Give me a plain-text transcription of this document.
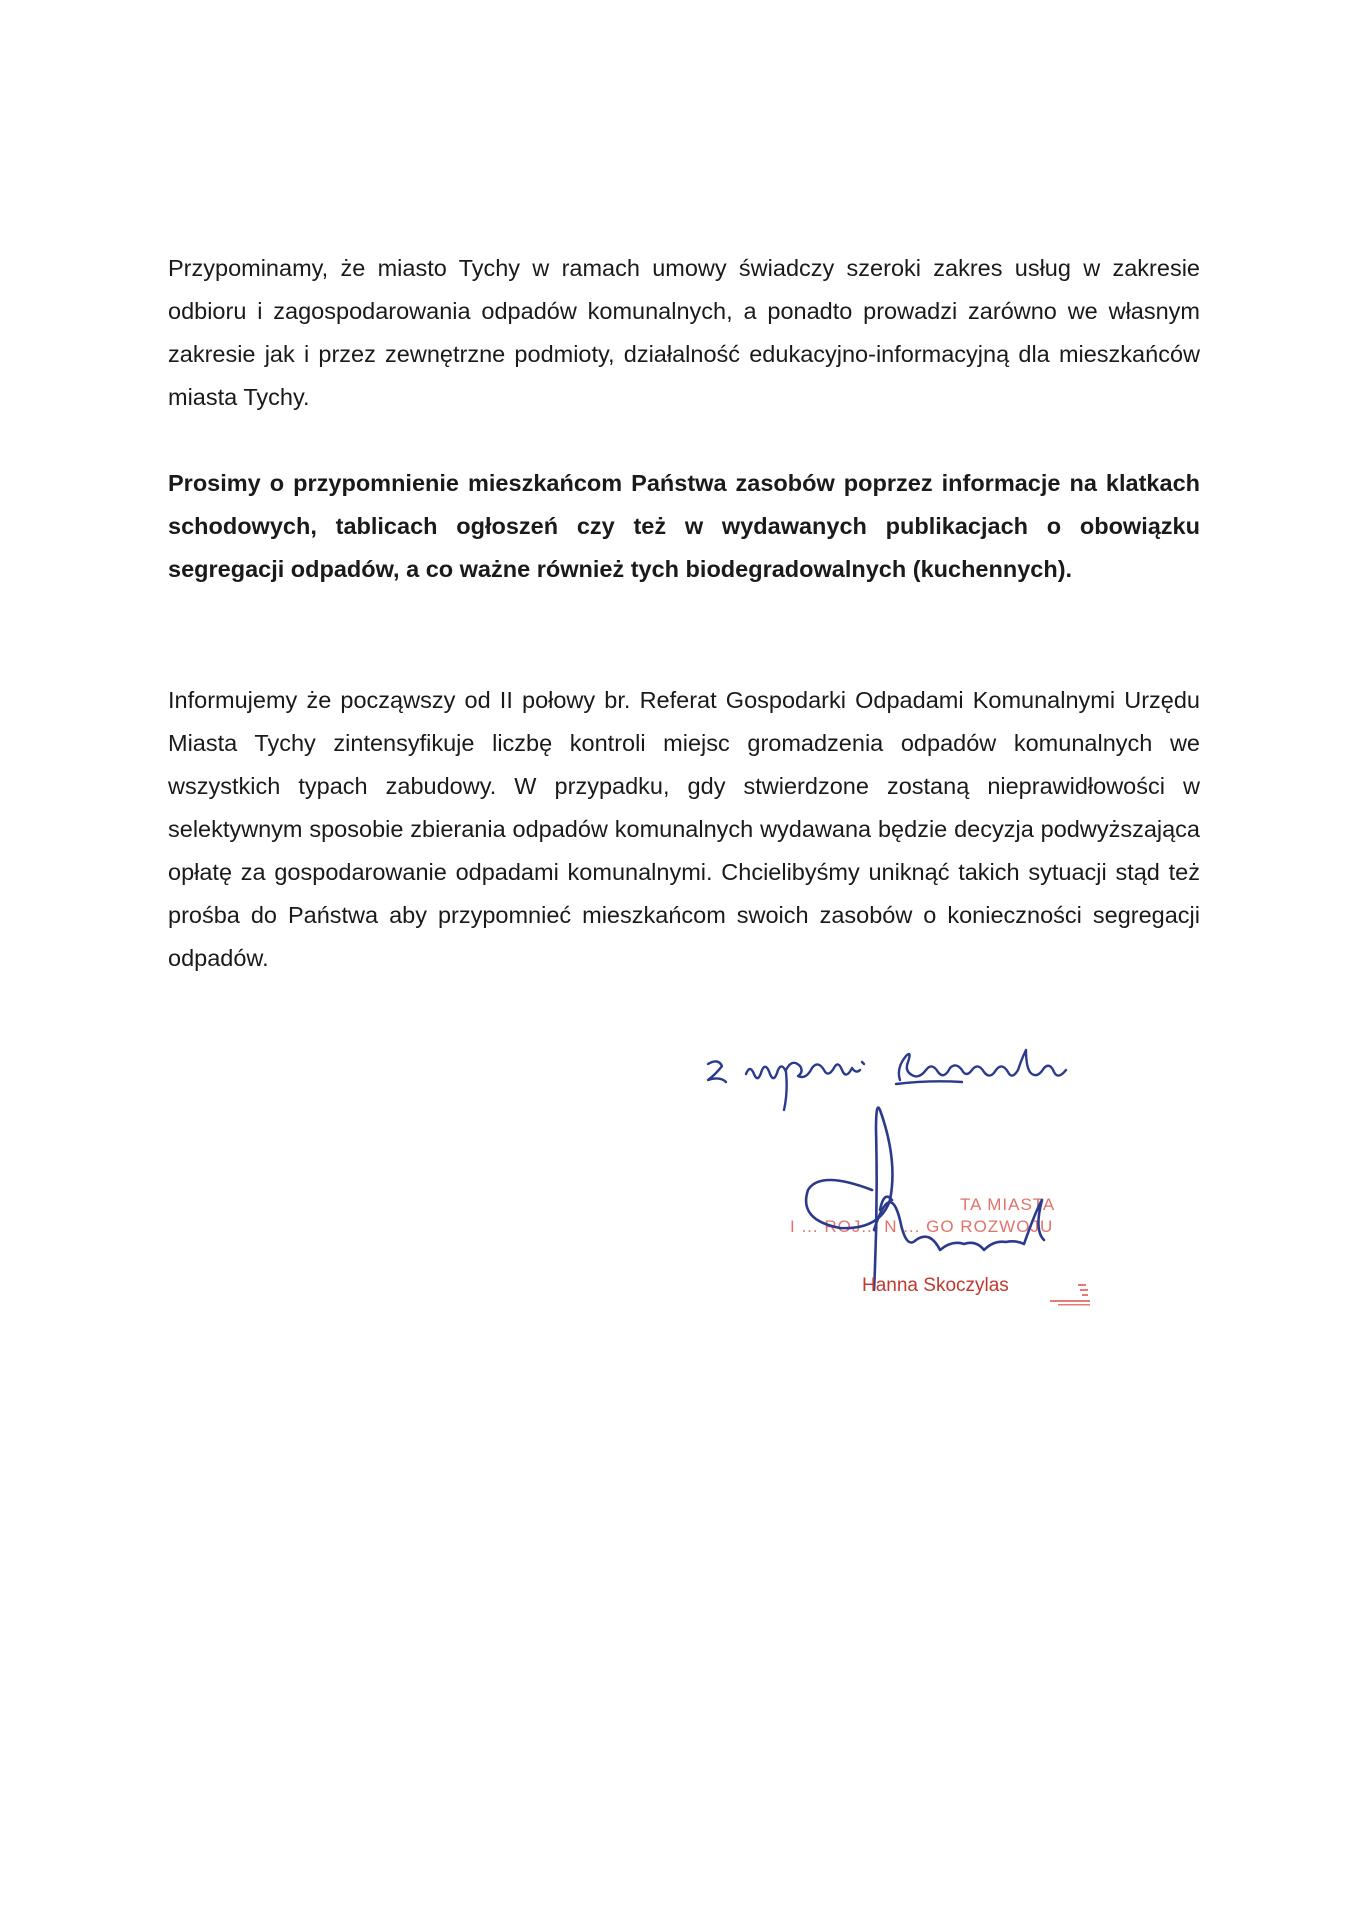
Przypominamy, że miasto Tychy w ramach umowy świadczy szeroki zakres usług w zakresie odbioru i zagospodarowania odpadów komunalnych, a ponadto prowadzi zarówno we własnym zakresie jak i przez zewnętrzne podmioty, działalność edukacyjno-informacyjną dla mieszkańców miasta Tychy.

Prosimy o przypomnienie mieszkańcom Państwa zasobów poprzez informacje na klatkach schodowych, tablicach ogłoszeń czy też w wydawanych publikacjach o obowiązku segregacji odpadów, a co ważne również tych biodegradowalnych (kuchennych).

Informujemy że począwszy od II połowy br. Referat Gospodarki Odpadami Komunalnymi Urzędu Miasta Tychy zintensyfikuje liczbę kontroli miejsc gromadzenia odpadów komunalnych we wszystkich typach zabudowy. W przypadku, gdy stwierdzone zostaną nieprawidłowości w selektywnym sposobie zbierania odpadów komunalnych wydawana będzie decyzja podwyższająca opłatę za gospodarowanie odpadami komunalnymi. Chcielibyśmy uniknąć takich sytuacji stąd też prośba do Państwa aby przypomnieć mieszkańcom swoich zasobów o konieczności segregacji odpadów.

TA MIASTA
I ... ROJ... N ... GO ROZWOJU

Hanna Skoczylas
